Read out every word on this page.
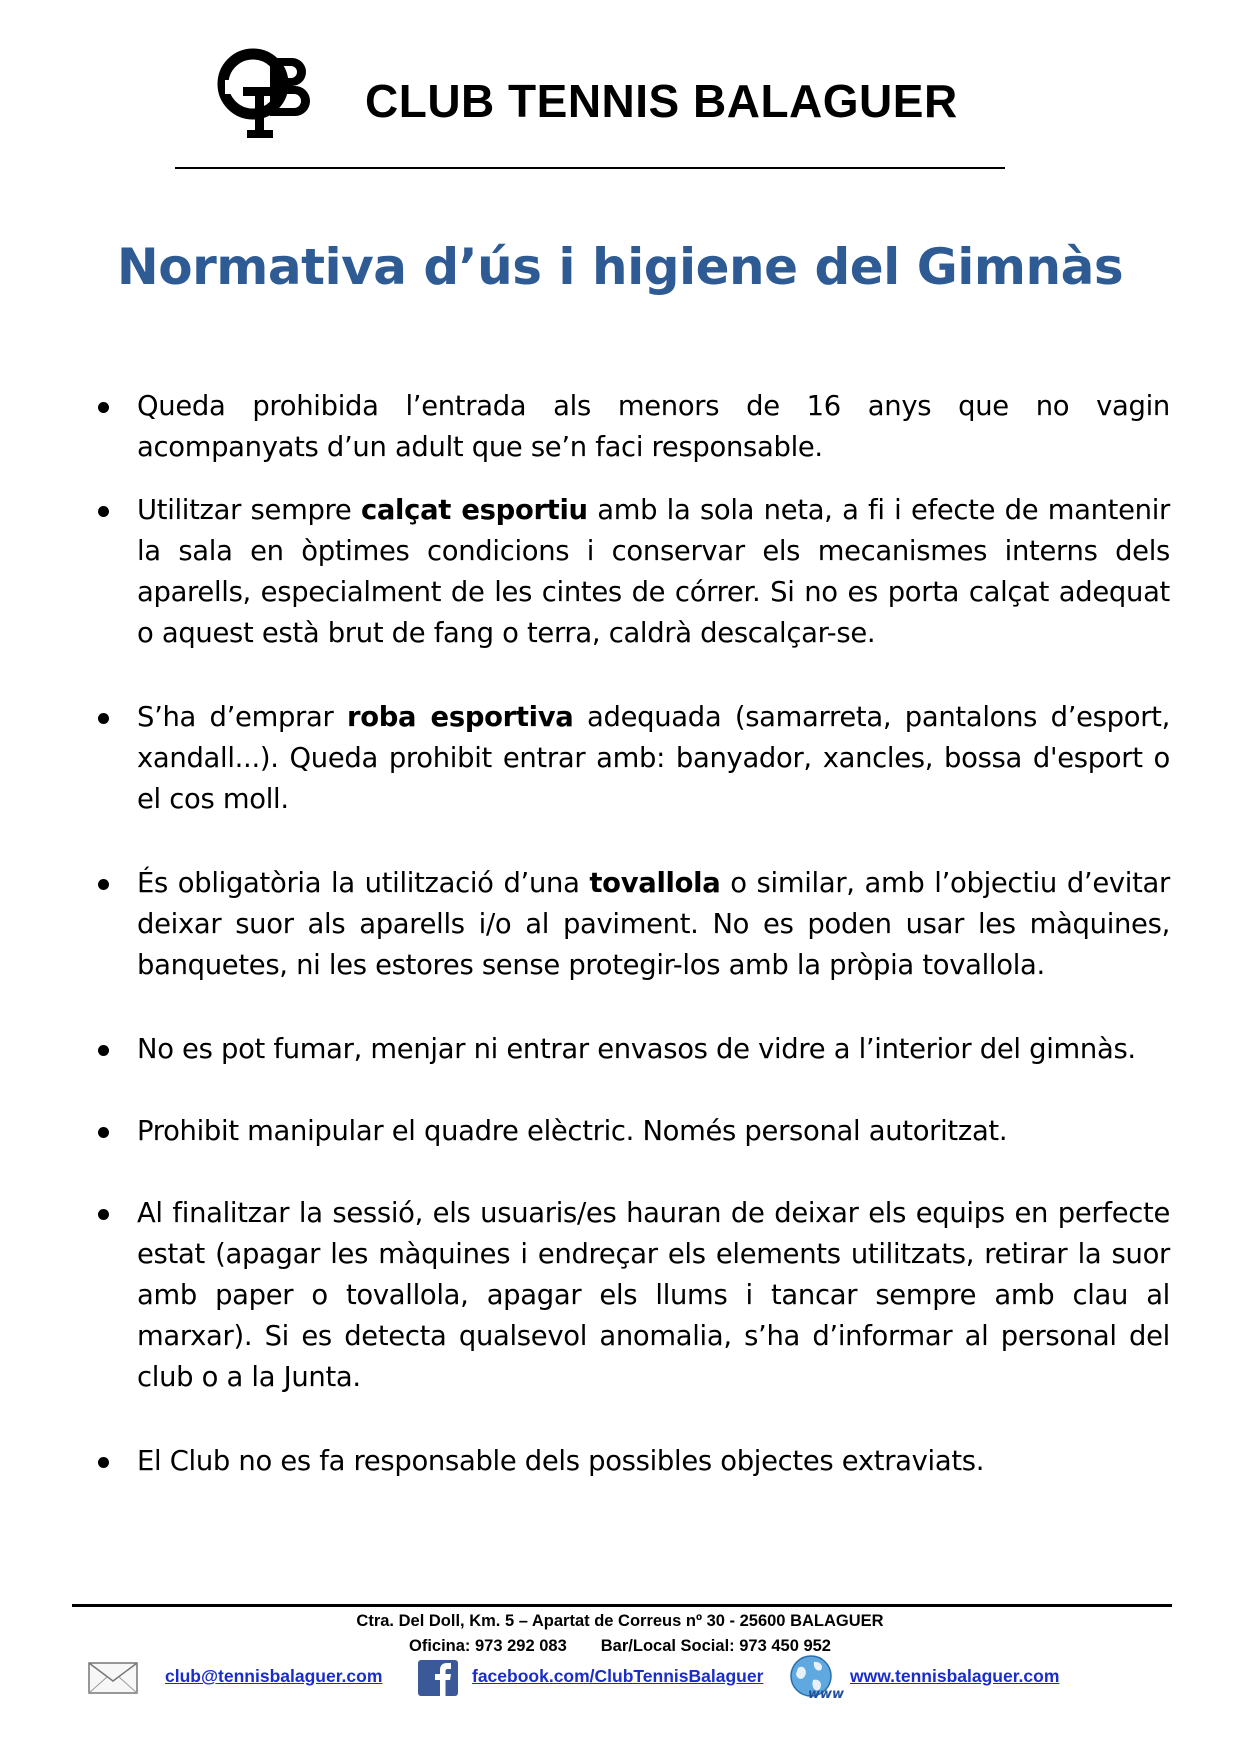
CLUB TENNIS BALAGUER
Normativa d’ús i higiene del Gimnàs
Queda prohibida l’entrada als menors de 16 anys que no vagin acompanyats d’un adult que se’n faci responsable.
Utilitzar sempre calçat esportiu amb la sola neta, a fi i efecte de mantenir la sala en òptimes condicions i conservar els mecanismes interns dels aparells, especialment de les cintes de córrer. Si no es porta calçat adequat o aquest està brut de fang o terra, caldrà descalçar-se.
S’ha d’emprar roba esportiva adequada (samarreta, pantalons d’esport, xandall...). Queda prohibit entrar amb: banyador, xancles, bossa d'esport o el cos moll.
És obligatòria la utilització d’una tovallola o similar, amb l’objectiu d’evitar deixar suor als aparells i/o al paviment. No es poden usar les màquines, banquetes, ni les estores sense protegir-los amb la pròpia tovallola.
No es pot fumar, menjar ni entrar envasos de vidre a l’interior del gimnàs.
Prohibit manipular el quadre elèctric. Només personal autoritzat.
Al finalitzar la sessió, els usuaris/es hauran de deixar els equips en perfecte estat (apagar les màquines i endreçar els elements utilitzats, retirar la suor amb paper o tovallola, apagar els llums i tancar sempre amb clau al marxar). Si es detecta qualsevol anomalia, s’ha d’informar al personal del club o a la Junta.
El Club no es fa responsable dels possibles objectes extraviats.
Ctra. Del Doll, Km. 5 – Apartat de Correus nº 30 - 25600 BALAGUER
Oficina: 973 292 083 Bar/Local Social: 973 450 952
club@tennisbalaguer.com	facebook.com/ClubTennisBalaguer
www
www.tennisbalaguer.com
